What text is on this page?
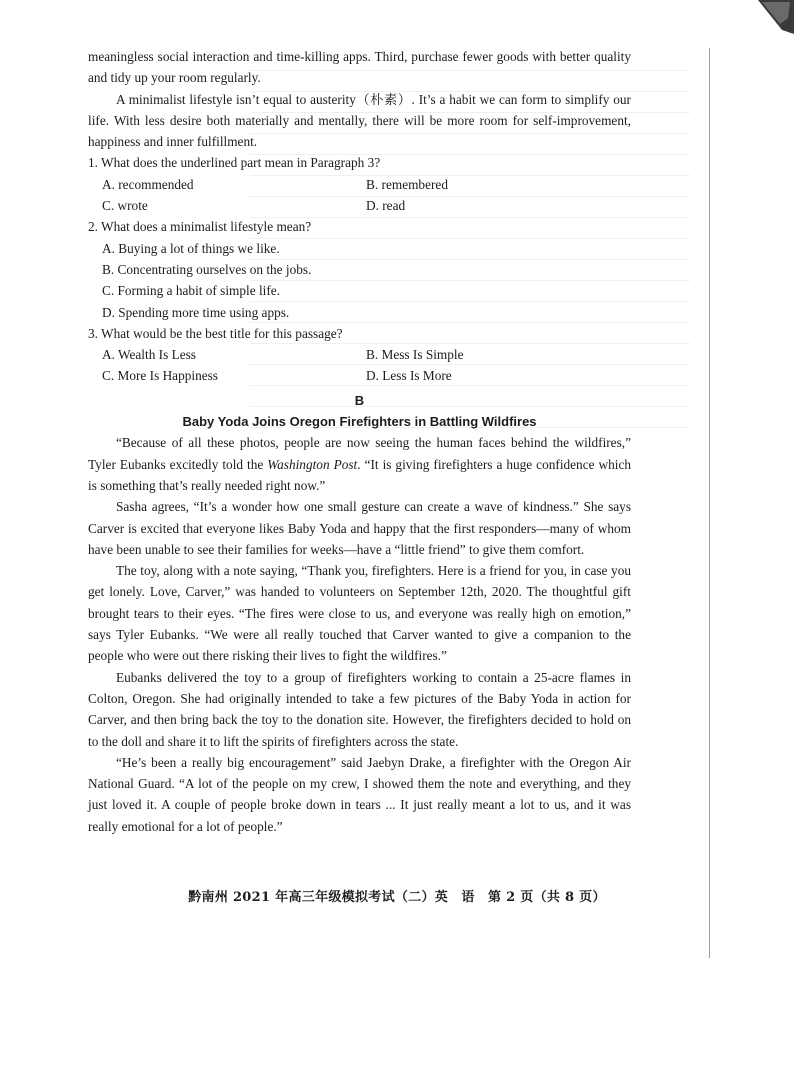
meaningless social interaction and time-killing apps. Third, purchase fewer goods with better quality and tidy up your room regularly.

A minimalist lifestyle isn’t equal to austerity（朴素）. It’s a habit we can form to simplify our life. With less desire both materially and mentally, there will be more room for self-improvement, happiness and inner fulfillment.

1. What does the underlined part mean in Paragraph 3?

A. recommended	B. remembered
C. wrote	D. read

2. What does a minimalist lifestyle mean?

A. Buying a lot of things we like.
B. Concentrating ourselves on the jobs.
C. Forming a habit of simple life.
D. Spending more time using apps.

3. What would be the best title for this passage?

A. Wealth Is Less	B. Mess Is Simple
C. More Is Happiness	D. Less Is More
B
Baby Yoda Joins Oregon Firefighters in Battling Wildfires

“Because of all these photos, people are now seeing the human faces behind the wildfires,” Tyler Eubanks excitedly told the Washington Post. “It is giving firefighters a huge confidence which is something that’s really needed right now.”

Sasha agrees, “It’s a wonder how one small gesture can create a wave of kindness.” She says Carver is excited that everyone likes Baby Yoda and happy that the first responders—many of whom have been unable to see their families for weeks—have a “little friend” to give them comfort.

The toy, along with a note saying, “Thank you, firefighters. Here is a friend for you, in case you get lonely. Love, Carver,” was handed to volunteers on September 12th, 2020. The thoughtful gift brought tears to their eyes. “The fires were close to us, and everyone was really high on emotion,” says Tyler Eubanks. “We were all really touched that Carver wanted to give a companion to the people who were out there risking their lives to fight the wildfires.”

Eubanks delivered the toy to a group of firefighters working to contain a 25-acre flames in Colton, Oregon. She had originally intended to take a few pictures of the Baby Yoda in action for Carver, and then bring back the toy to the donation site. However, the firefighters decided to hold on to the doll and share it to lift the spirits of firefighters across the state.

“He’s been a really big encouragement” said Jaebyn Drake, a firefighter with the Oregon Air National Guard. “A lot of the people on my crew, I showed them the note and everything, and they just loved it. A couple of people broke down in tears ... It just really meant a lot to us, and it was really emotional for a lot of people.”

黔南州 2021 年高三年级模拟考试（二）英　语　第 2 页（共 8 页）
